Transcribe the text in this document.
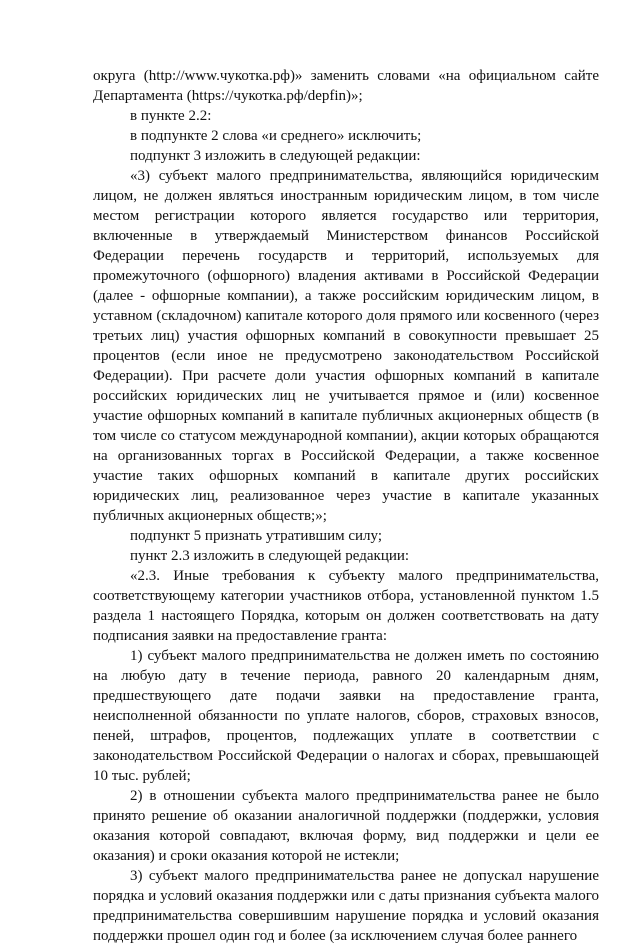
округа (http://www.чукотка.рф)» заменить словами «на официальном сайте Департамента (https://чукотка.рф/depfin)»;

в пункте 2.2:

в подпункте 2 слова «и среднего» исключить;

подпункт 3 изложить в следующей редакции:

«3) субъект малого предпринимательства, являющийся юридическим лицом, не должен являться иностранным юридическим лицом, в том числе местом регистрации которого является государство или территория, включенные в утверждаемый Министерством финансов Российской Федерации перечень государств и территорий, используемых для промежуточного (офшорного) владения активами в Российской Федерации (далее - офшорные компании), а также российским юридическим лицом, в уставном (складочном) капитале которого доля прямого или косвенного (через третьих лиц) участия офшорных компаний в совокупности превышает 25 процентов (если иное не предусмотрено законодательством Российской Федерации). При расчете доли участия офшорных компаний в капитале российских юридических лиц не учитывается прямое и (или) косвенное участие офшорных компаний в капитале публичных акционерных обществ (в том числе со статусом международной компании), акции которых обращаются на организованных торгах в Российской Федерации, а также косвенное участие таких офшорных компаний в капитале других российских юридических лиц, реализованное через участие в капитале указанных публичных акционерных обществ;»;

подпункт 5 признать утратившим силу;

пункт 2.3 изложить в следующей редакции:

«2.3. Иные требования к субъекту малого предпринимательства, соответствующему категории участников отбора, установленной пунктом 1.5 раздела 1 настоящего Порядка, которым он должен соответствовать на дату подписания заявки на предоставление гранта:

1) субъект малого предпринимательства не должен иметь по состоянию на любую дату в течение периода, равного 20 календарным дням, предшествующего дате подачи заявки на предоставление гранта, неисполненной обязанности по уплате налогов, сборов, страховых взносов, пеней, штрафов, процентов, подлежащих уплате в соответствии с законодательством Российской Федерации о налогах и сборах, превышающей 10 тыс. рублей;

2) в отношении субъекта малого предпринимательства ранее не было принято решение об оказании аналогичной поддержки (поддержки, условия оказания которой совпадают, включая форму, вид поддержки и цели ее оказания) и сроки оказания которой не истекли;

3) субъект малого предпринимательства ранее не допускал нарушение порядка и условий оказания поддержки или с даты признания субъекта малого предпринимательства совершившим нарушение порядка и условий оказания поддержки прошел один год и более (за исключением случая более раннего
